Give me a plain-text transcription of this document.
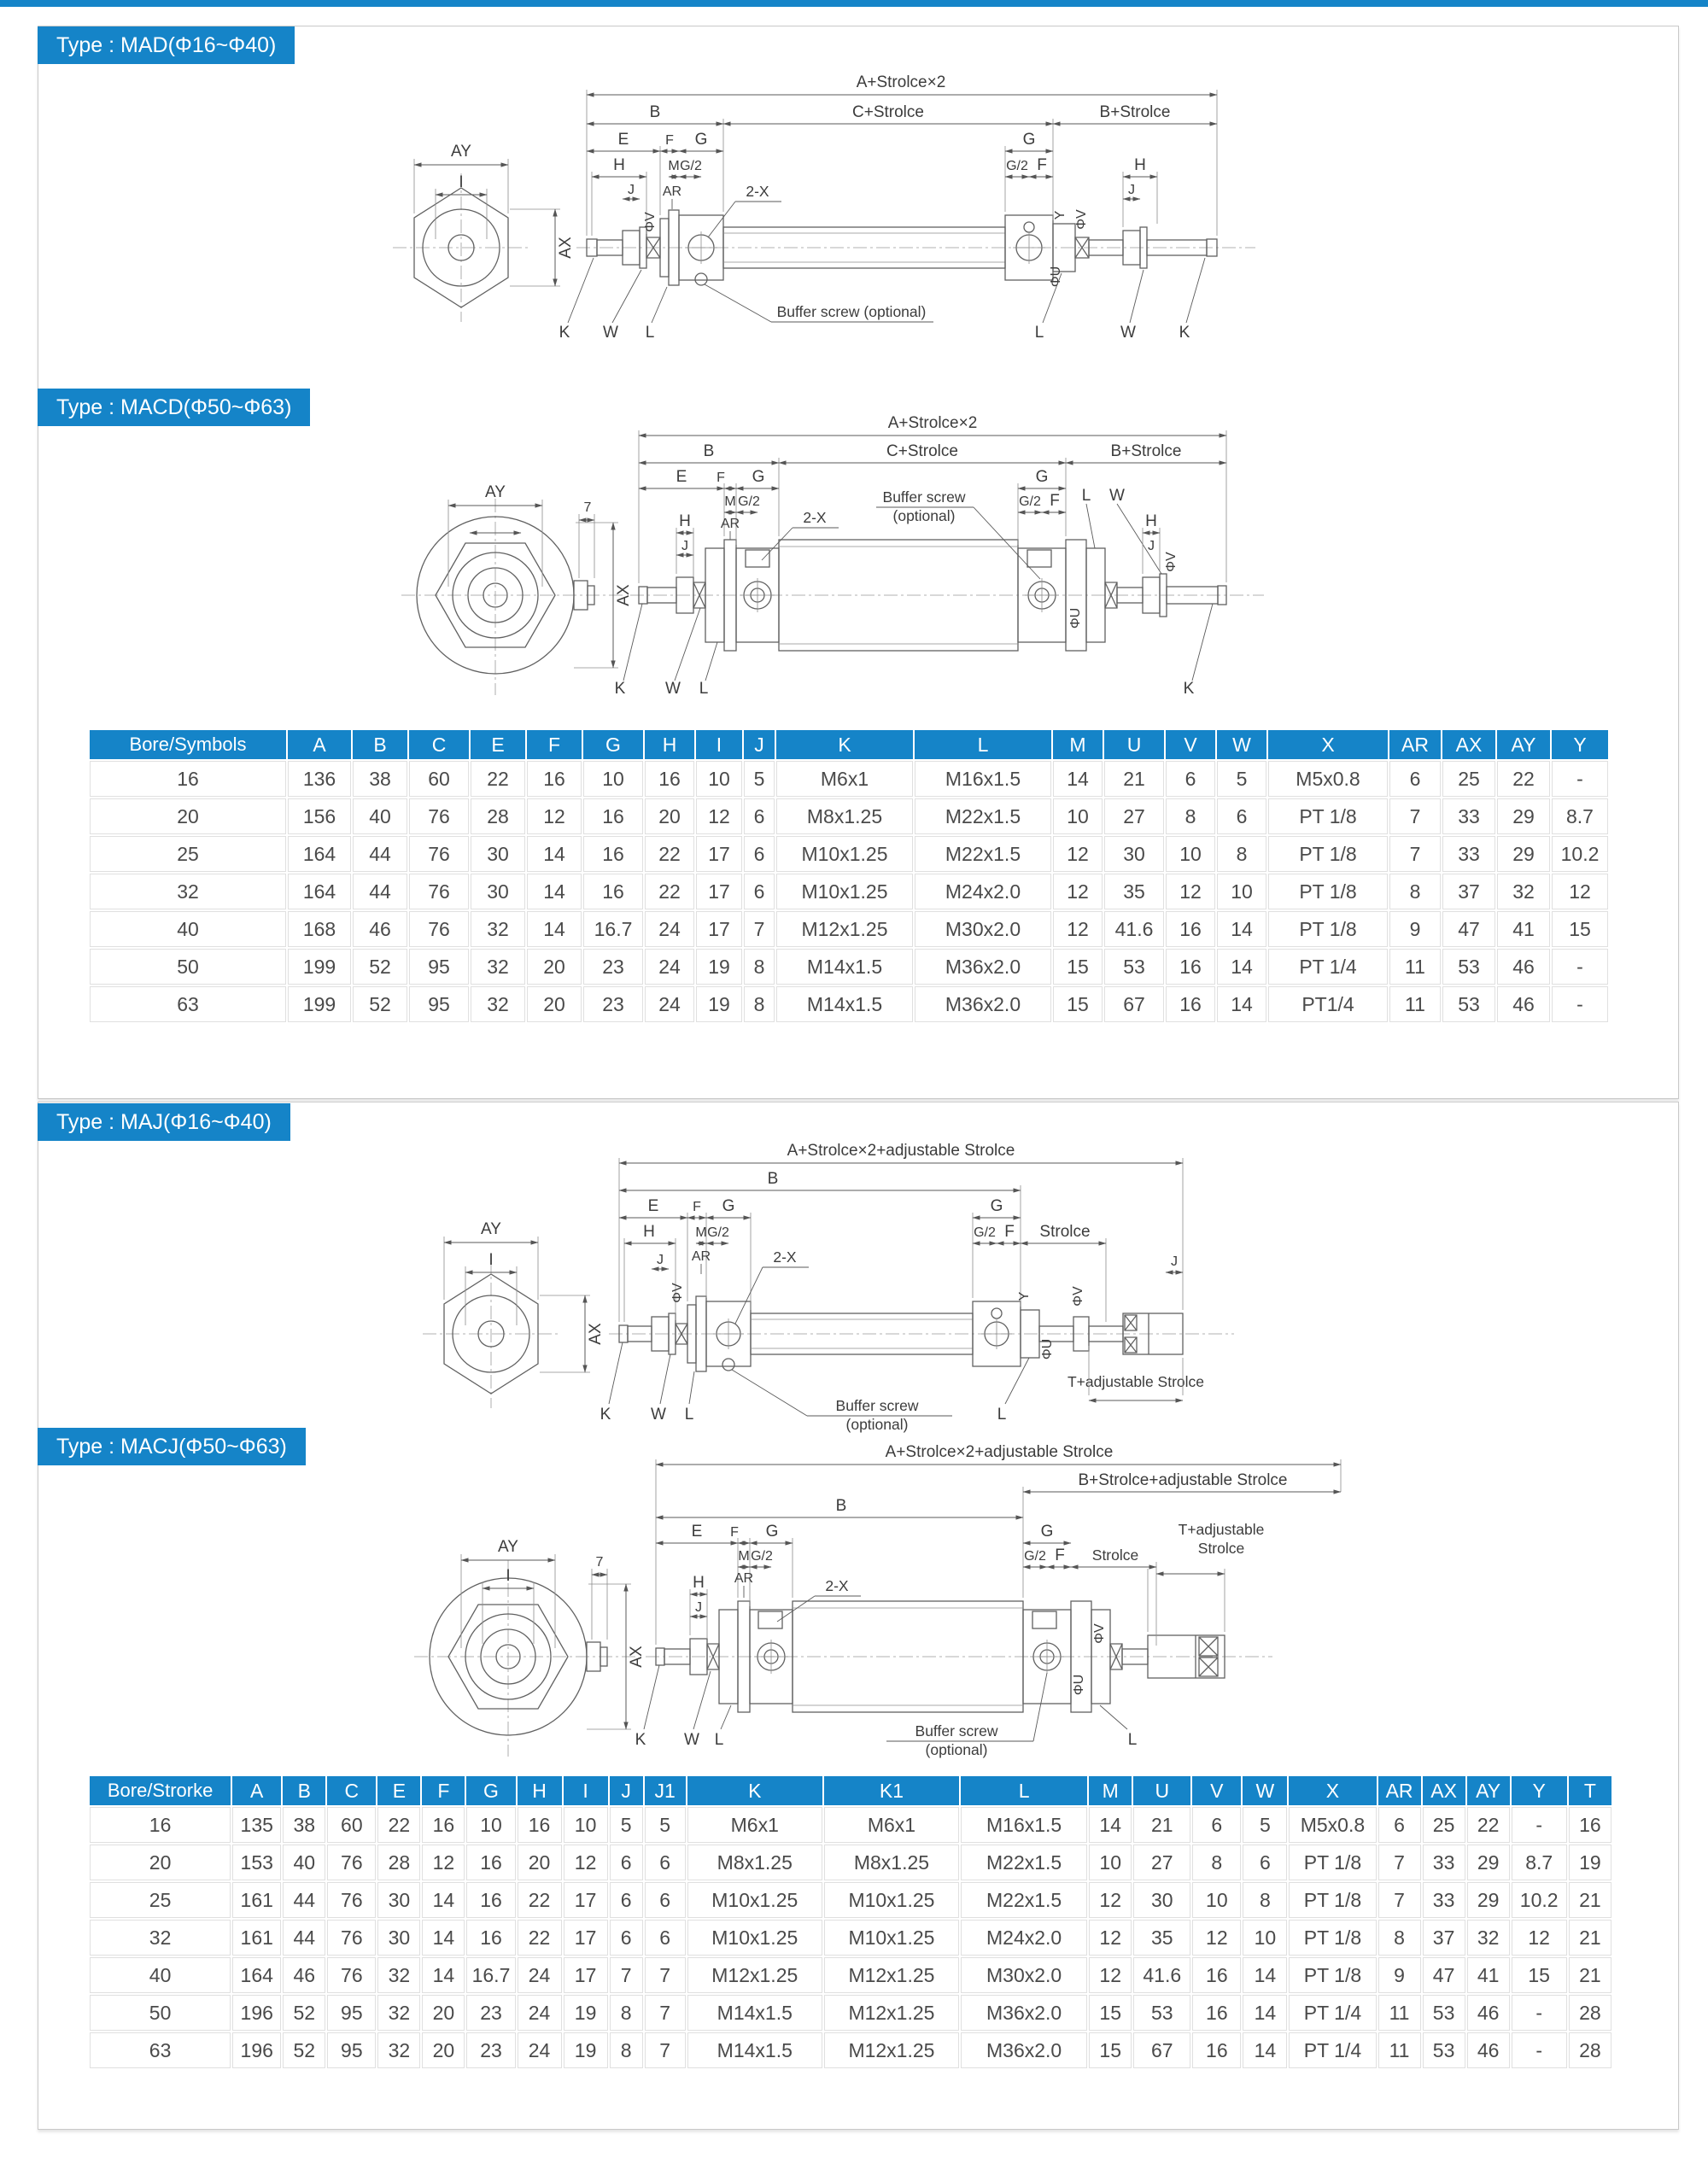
Type : MAD(Φ16~Φ40)
Type : MACD(Φ50~Φ63)
Type : MAJ(Φ16~Φ40)
Type : MACJ(Φ50~Φ63)
AY
I
AX
A+Strolce×2
B	C+Strolce	B+Strolce
E	F G	G
H	M G/2	G/2 F	H
J	J
AR
ΦV	Y ΦV
ΦU
2-X
Buffer screw (optional)
K W L	L	W	K
AY
7
AX
A+Strolce×2
B	C+Strolce	B+Strolce
E F G	G
M G/2
AR
G/2 F L W
H
J
H
J
ΦV
ΦU
2-X
Buffer screw
(optional)
K W L	K
AY
I
AX
A+Strolce×2+adjustable Strolce
B
E F G	G
H	M G/2	G/2 F Strolce
AR
J	J
ΦV	Y	ΦV
ΦU
2-X
Buffer screw
(optional)
K W L	L
T+adjustable Strolce
AY
I
7
AX
A+Strolce×2+adjustable Strolce
B+Strolce+adjustable Strolce
B
E F G	G
M G/2
AR
G/2 F Strolce
T+adjustable
Strolce
H
J
ΦV
ΦU
2-X
Buffer screw
(optional)
K W L	L
Bore/Symbols	A	B	C	E	F	G	H	I	J	K	L	M	U	V	W	X	AR	AX	AY	Y
16	136	38	60	22	16	10	16	10	5	M6x1	M16x1.5	14	21	6	5	M5x0.8	6	25	22	-
20	156	40	76	28	12	16	20	12	6	M8x1.25	M22x1.5	10	27	8	6	PT 1/8	7	33	29	8.7
25	164	44	76	30	14	16	22	17	6	M10x1.25	M22x1.5	12	30	10	8	PT 1/8	7	33	29	10.2
32	164	44	76	30	14	16	22	17	6	M10x1.25	M24x2.0	12	35	12	10	PT 1/8	8	37	32	12
40	168	46	76	32	14	16.7	24	17	7	M12x1.25	M30x2.0	12	41.6	16	14	PT 1/8	9	47	41	15
50	199	52	95	32	20	23	24	19	8	M14x1.5	M36x2.0	15	53	16	14	PT 1/4	11	53	46	-
63	199	52	95	32	20	23	24	19	8	M14x1.5	M36x2.0	15	67	16	14	PT1/4	11	53	46	-
Bore/Strorke	A	B	C	E	F	G	H	I	J	J1	K	K1	L	M	U	V	W	X	AR	AX	AY	Y	T
16	135	38	60	22	16	10	16	10	5	5	M6x1	M6x1	M16x1.5	14	21	6	5	M5x0.8	6	25	22	-	16
20	153	40	76	28	12	16	20	12	6	6	M8x1.25	M8x1.25	M22x1.5	10	27	8	6	PT 1/8	7	33	29	8.7	19
25	161	44	76	30	14	16	22	17	6	6	M10x1.25	M10x1.25	M22x1.5	12	30	10	8	PT 1/8	7	33	29	10.2	21
32	161	44	76	30	14	16	22	17	6	6	M10x1.25	M10x1.25	M24x2.0	12	35	12	10	PT 1/8	8	37	32	12	21
40	164	46	76	32	14	16.7	24	17	7	7	M12x1.25	M12x1.25	M30x2.0	12	41.6	16	14	PT 1/8	9	47	41	15	21
50	196	52	95	32	20	23	24	19	8	7	M14x1.5	M12x1.25	M36x2.0	15	53	16	14	PT 1/4	11	53	46	-	28
63	196	52	95	32	20	23	24	19	8	7	M14x1.5	M12x1.25	M36x2.0	15	67	16	14	PT 1/4	11	53	46	-	28
